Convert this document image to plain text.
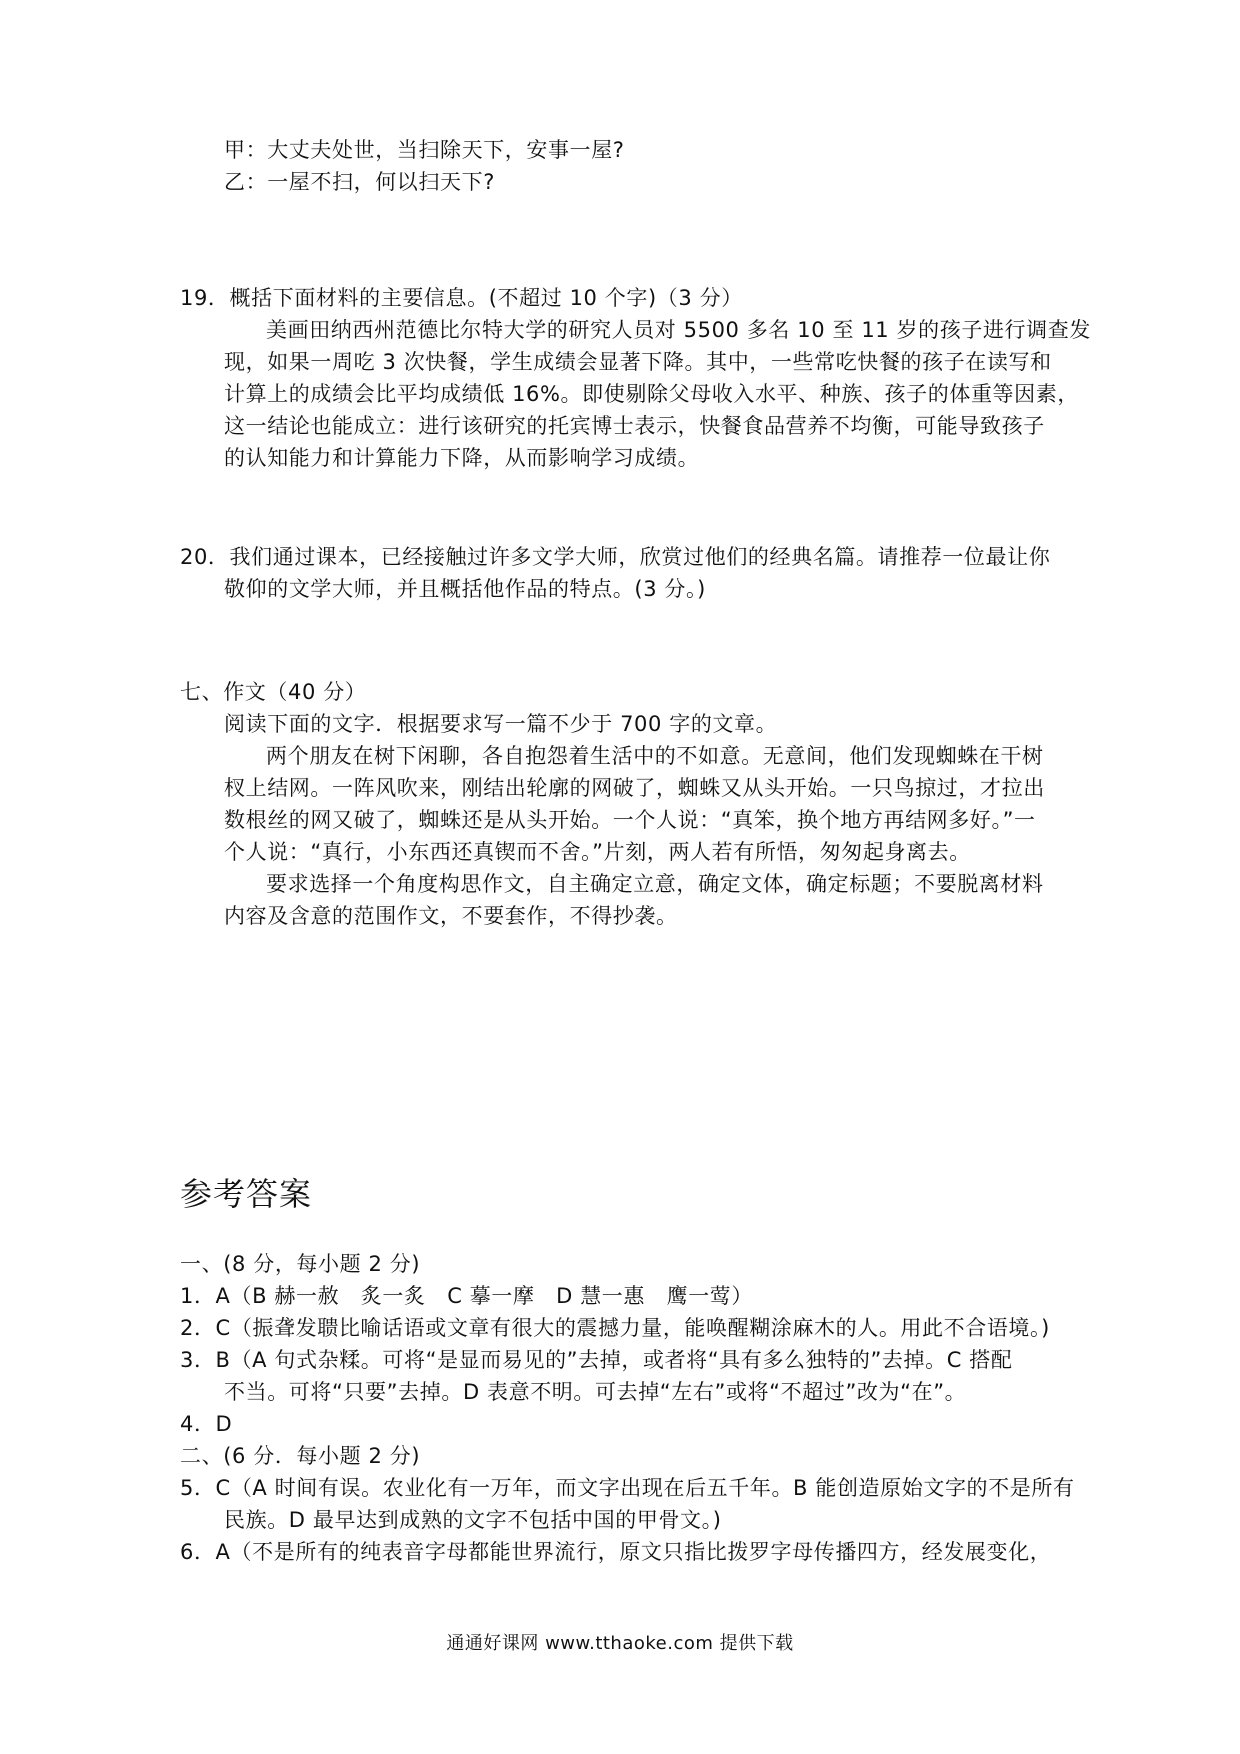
甲：大丈夫处世，当扫除天下，安事一屋?
乙：一屋不扫，何以扫天下?
19．概括下面材料的主要信息。(不超过 10 个字)（3 分）
美画田纳西州范德比尔特大学的研究人员对 5500 多名 10 至 11 岁的孩子进行调查发
现，如果一周吃 3 次快餐，学生成绩会显著下降。其中，一些常吃快餐的孩子在读写和
计算上的成绩会比平均成绩低 16%。即使剔除父母收入水平、种族、孩子的体重等因素，
这一结论也能成立：进行该研究的托宾博士表示，快餐食品营养不均衡，可能导致孩子
的认知能力和计算能力下降，从而影响学习成绩。
20．我们通过课本，已经接触过许多文学大师，欣赏过他们的经典名篇。请推荐一位最让你
敬仰的文学大师，并且概括他作品的特点。(3 分。)
七、作文（40 分）
阅读下面的文字．根据要求写一篇不少于 700 字的文章。
两个朋友在树下闲聊，各自抱怨着生活中的不如意。无意间，他们发现蜘蛛在干树
杈上结网。一阵风吹来，刚结出轮廓的网破了，蜘蛛又从头开始。一只鸟掠过，才拉出
数根丝的网又破了，蜘蛛还是从头开始。一个人说：“真笨，换个地方再结网多好。”一
个人说：“真行，小东西还真锲而不舍。”片刻，两人若有所悟，匆匆起身离去。
要求选择一个角度构思作文，自主确定立意，确定文体，确定标题；不要脱离材料
内容及含意的范围作文，不要套作，不得抄袭。
参考答案
一、(8 分，每小题 2 分)
1．A（B 赫一赦　炙一炙　C 摹一摩　D 慧一惠　鹰一莺）
2．C（振聋发聩比喻话语或文章有很大的震撼力量，能唤醒糊涂麻木的人。用此不合语境。)
3．B（A 句式杂糅。可将“是显而易见的”去掉，或者将“具有多么独特的”去掉。C 搭配
不当。可将“只要”去掉。D 表意不明。可去掉“左右”或将“不超过”改为“在”。
4．D
二、(6 分．每小题 2 分)
5．C（A 时间有误。农业化有一万年，而文字出现在后五千年。B 能创造原始文字的不是所有
民族。D 最早达到成熟的文字不包括中国的甲骨文。)
6．A（不是所有的纯表音字母都能世界流行，原文只指比拨罗字母传播四方，经发展变化，
通通好课网 www.tthaoke.com 提供下载
